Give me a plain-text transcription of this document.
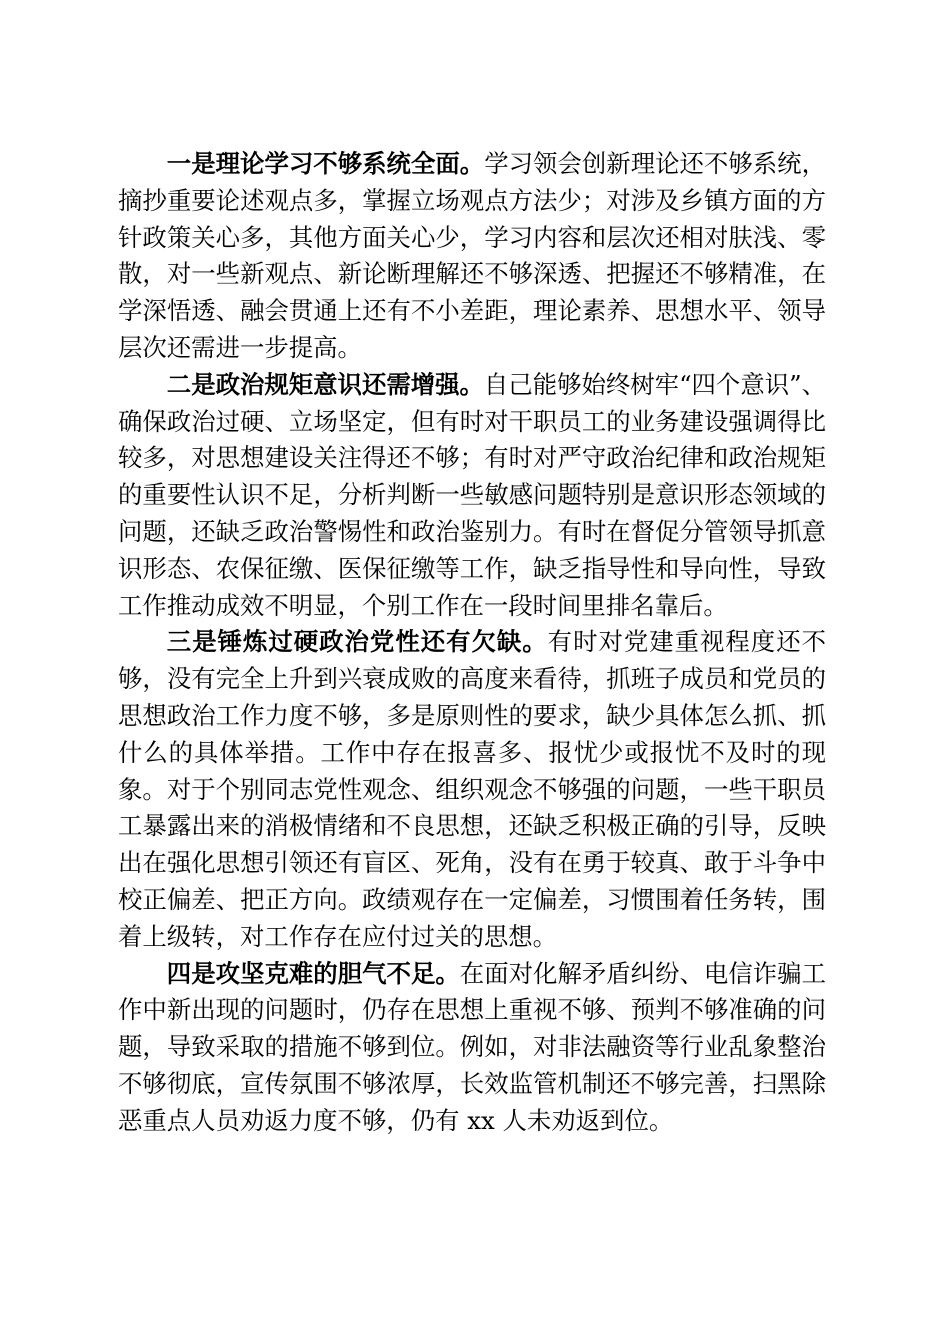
一是理论学习不够系统全面。学习领会创新理论还不够系统，摘抄重要论述观点多，掌握立场观点方法少；对涉及乡镇方面的方针政策关心多，其他方面关心少，学习内容和层次还相对肤浅、零散，对一些新观点、新论断理解还不够深透、把握还不够精准，在学深悟透、融会贯通上还有不小差距，理论素养、思想水平、领导层次还需进一步提高。

二是政治规矩意识还需增强。自己能够始终树牢“四个意识”、确保政治过硬、立场坚定，但有时对干职员工的业务建设强调得比较多，对思想建设关注得还不够；有时对严守政治纪律和政治规矩的重要性认识不足，分析判断一些敏感问题特别是意识形态领域的问题，还缺乏政治警惕性和政治鉴别力。有时在督促分管领导抓意识形态、农保征缴、医保征缴等工作，缺乏指导性和导向性，导致工作推动成效不明显，个别工作在一段时间里排名靠后。

三是锤炼过硬政治党性还有欠缺。有时对党建重视程度还不够，没有完全上升到兴衰成败的高度来看待，抓班子成员和党员的思想政治工作力度不够，多是原则性的要求，缺少具体怎么抓、抓什么的具体举措。工作中存在报喜多、报忧少或报忧不及时的现象。对于个别同志党性观念、组织观念不够强的问题，一些干职员工暴露出来的消极情绪和不良思想，还缺乏积极正确的引导，反映出在强化思想引领还有盲区、死角，没有在勇于较真、敢于斗争中校正偏差、把正方向。政绩观存在一定偏差，习惯围着任务转，围着上级转，对工作存在应付过关的思想。

四是攻坚克难的胆气不足。在面对化解矛盾纠纷、电信诈骗工作中新出现的问题时，仍存在思想上重视不够、预判不够准确的问题，导致采取的措施不够到位。例如，对非法融资等行业乱象整治不够彻底，宣传氛围不够浓厚，长效监管机制还不够完善，扫黑除恶重点人员劝返力度不够，仍有 xx 人未劝返到位。
